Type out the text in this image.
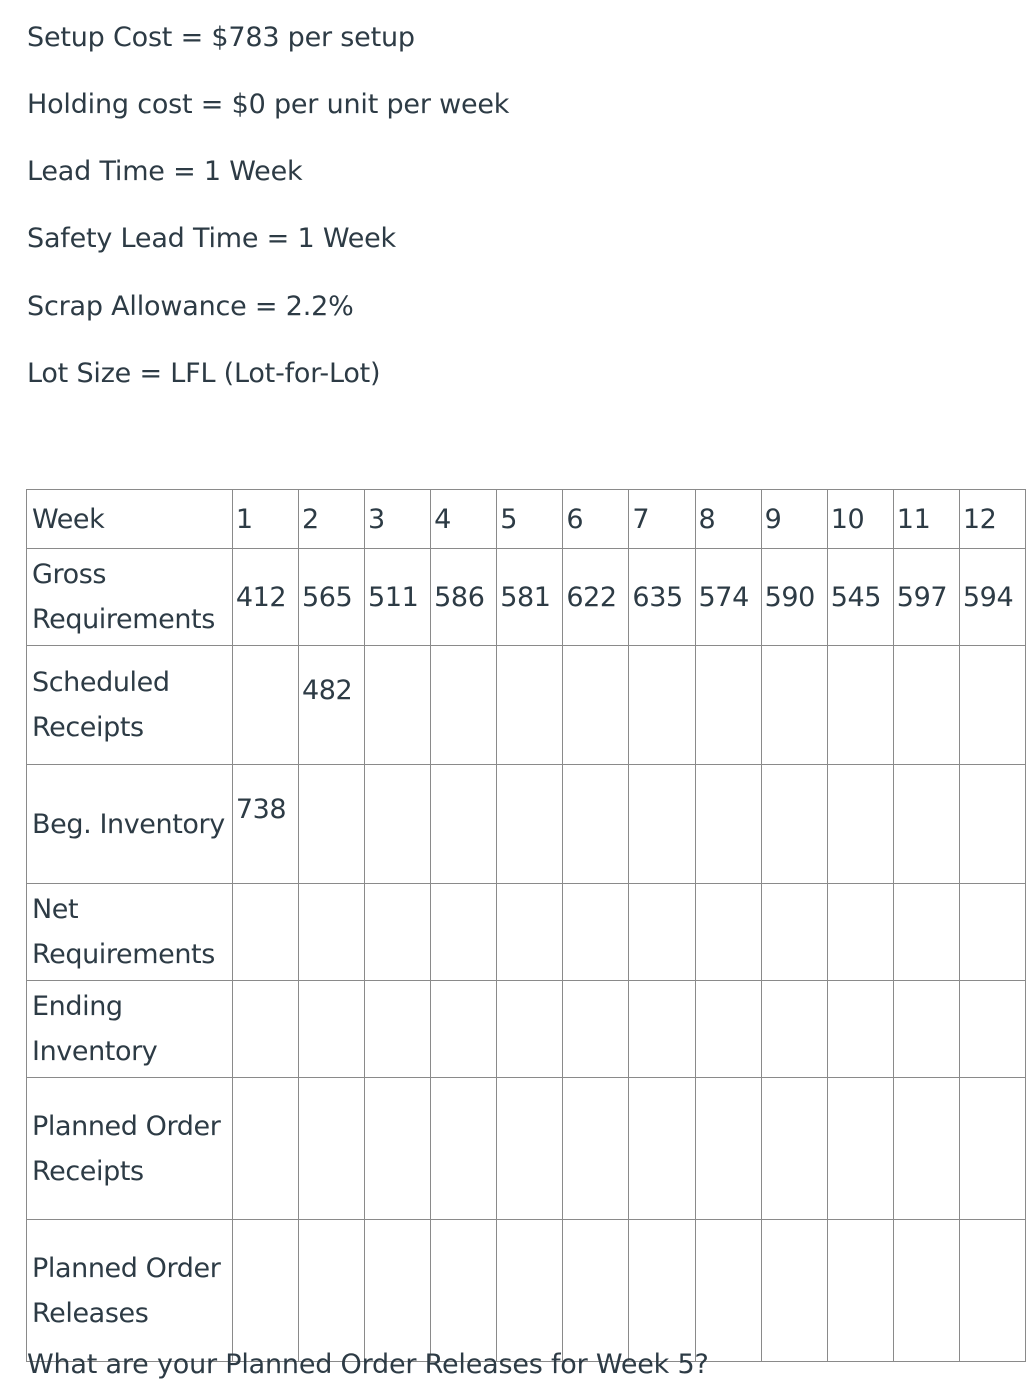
Setup Cost = $783 per setup
Holding cost = $0 per unit per week
Lead Time = 1 Week
Safety Lead Time = 1 Week
Scrap Allowance = 2.2%
Lot Size = LFL (Lot-for-Lot)
Week	1	2	3	4	5	6	7	8	9	10	11	12
Gross Requirements	412	565	511	586	581	622	635	574	590	545	597	594
Scheduled Receipts		482										
Beg. Inventory	738											
Net Requirements												
Ending Inventory												
Planned Order Receipts												
Planned Order Releases												
What are your Planned Order Releases for Week 5?
